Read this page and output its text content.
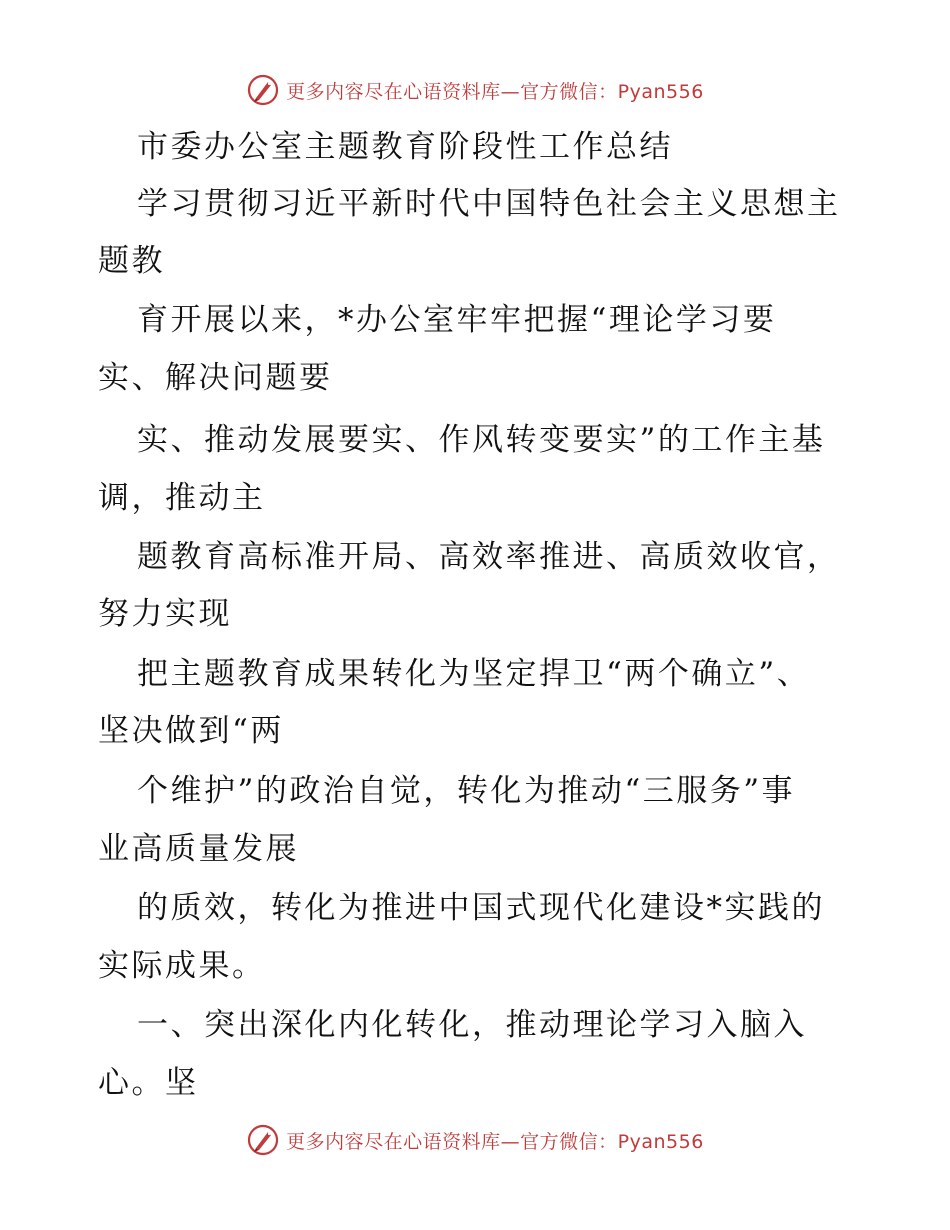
更多内容尽在心语资料库—官方微信：Pyan556
市委办公室主题教育阶段性工作总结
学习贯彻习近平新时代中国特色社会主义思想主
题教
育开展以来，*办公室牢牢把握“理论学习要
实、解决问题要
实、推动发展要实、作风转变要实”的工作主基
调，推动主
题教育高标准开局、高效率推进、高质效收官，
努力实现
把主题教育成果转化为坚定捍卫“两个确立”、
坚决做到“两
个维护”的政治自觉，转化为推动“三服务”事
业高质量发展
的质效，转化为推进中国式现代化建设*实践的
实际成果。
一、突出深化内化转化，推动理论学习入脑入
心。坚
更多内容尽在心语资料库—官方微信：Pyan556
